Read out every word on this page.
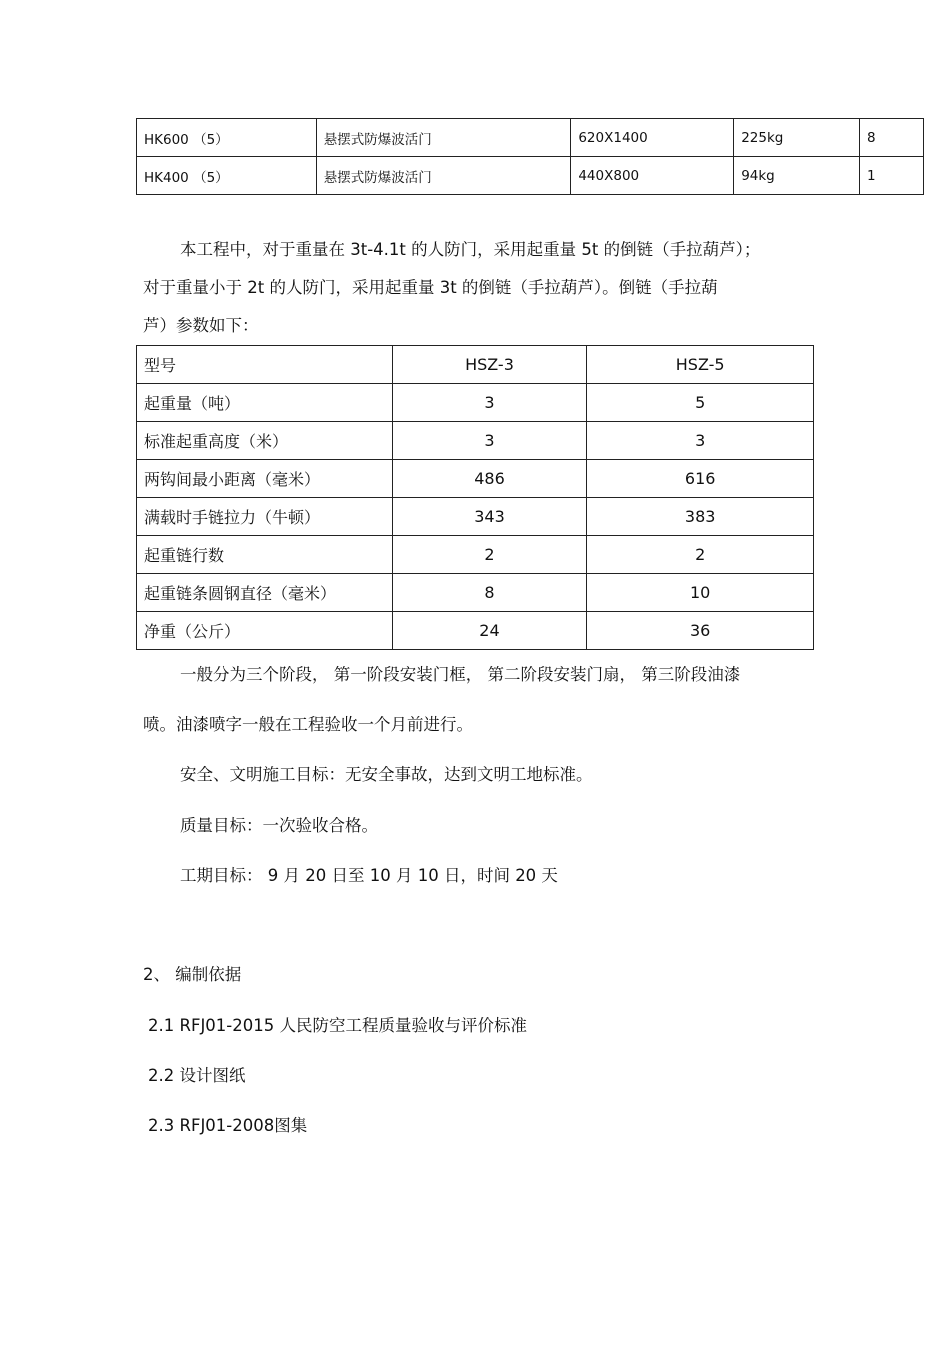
HK600 （5）	悬摆式防爆波活门	620X1400	225kg	8
HK400 （5）	悬摆式防爆波活门	440X800	94kg	1
本工程中，对于重量在 3t-4.1t 的人防门，采用起重量 5t 的倒链（手拉葫芦）；
对于重量小于 2t 的人防门，采用起重量 3t 的倒链（手拉葫芦）。倒链（手拉葫
芦）参数如下：
型号	HSZ-3	HSZ-5
起重量（吨）	3	5
标准起重高度（米）	3	3
两钩间最小距离（毫米）	486	616
满载时手链拉力（牛顿）	343	383
起重链行数	2	2
起重链条圆钢直径（毫米）	8	10
净重（公斤）	24	36
一般分为三个阶段， 第一阶段安装门框， 第二阶段安装门扇， 第三阶段油漆
喷。油漆喷字一般在工程验收一个月前进行。
安全、文明施工目标：无安全事故，达到文明工地标准。
质量目标：一次验收合格。
工期目标： 9 月 20 日至 10 月 10 日，时间 20 天
2、 编制依据
2.1 RFJ01-2015 人民防空工程质量验收与评价标准
2.2 设计图纸
2.3 RFJ01-2008图集
